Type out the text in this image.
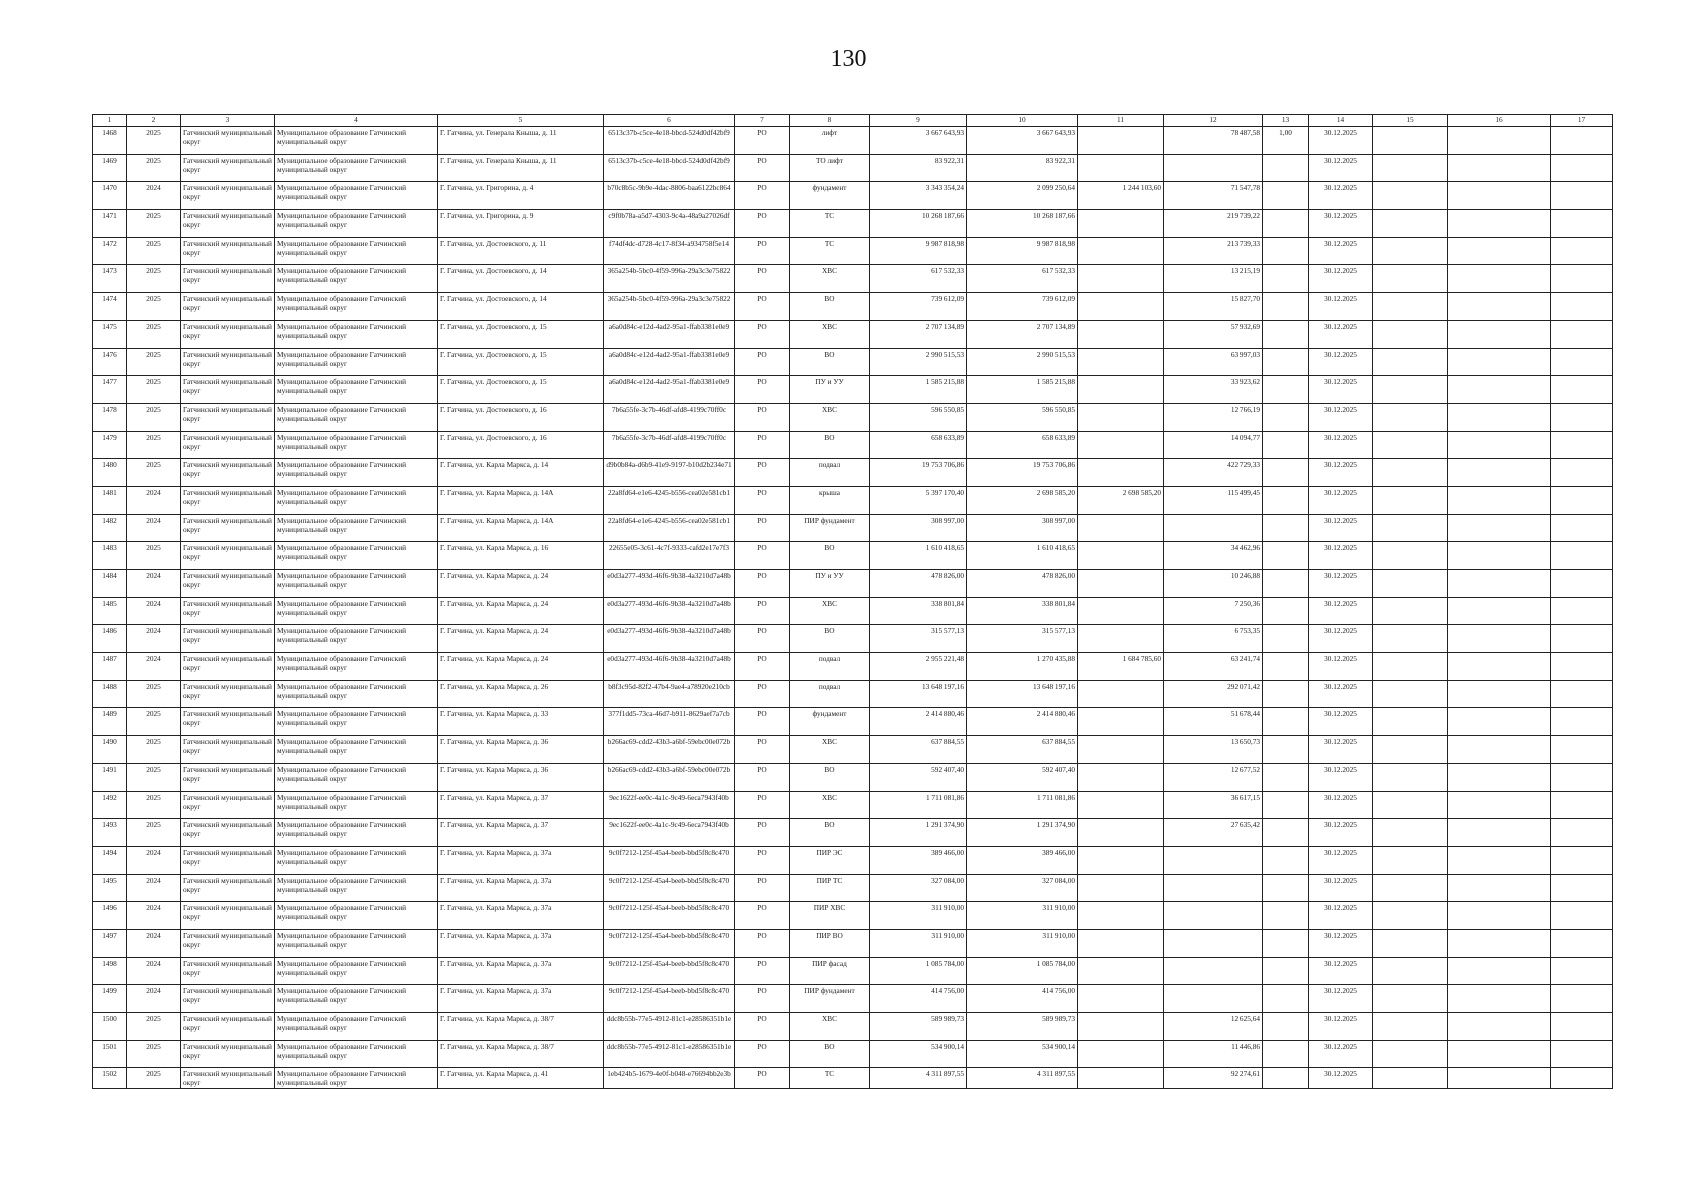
130
1	2	3	4	5	6	7	8	9	10	11	12	13	14	15	16	17
1468	2025	Гатчинский муниципальный округ	Муниципальное образование Гатчинский муниципальный округ	Г. Гатчина, ул. Генерала Кныша, д. 11	6513c37b-c5ce-4e18-bbcd-524d0df42bf9	РО	лифт	3 667 643,93	3 667 643,93		78 487,58	1,00	30.12.2025			
1469	2025	Гатчинский муниципальный округ	Муниципальное образование Гатчинский муниципальный округ	Г. Гатчина, ул. Генерала Кныша, д. 11	6513c37b-c5ce-4e18-bbcd-524d0df42bf9	РО	ТО лифт	83 922,31	83 922,31				30.12.2025			
1470	2024	Гатчинский муниципальный округ	Муниципальное образование Гатчинский муниципальный округ	Г. Гатчина, ул. Григорина, д. 4	b70c8b5c-9b9e-4dac-8806-baa6122bc864	РО	фундамент	3 343 354,24	2 099 250,64	1 244 103,60	71 547,78		30.12.2025			
1471	2025	Гатчинский муниципальный округ	Муниципальное образование Гатчинский муниципальный округ	Г. Гатчина, ул. Григорина, д. 9	c9f0b78a-a5d7-4303-9c4a-48a9a27026df	РО	ТС	10 268 187,66	10 268 187,66		219 739,22		30.12.2025			
1472	2025	Гатчинский муниципальный округ	Муниципальное образование Гатчинский муниципальный округ	Г. Гатчина, ул. Достоевского, д. 11	f74df4dc-d728-4c17-8f34-a934758f5e14	РО	ТС	9 987 818,98	9 987 818,98		213 739,33		30.12.2025			
1473	2025	Гатчинский муниципальный округ	Муниципальное образование Гатчинский муниципальный округ	Г. Гатчина, ул. Достоевского, д. 14	365a254b-5bc0-4f59-996a-29a3c3e75822	РО	ХВС	617 532,33	617 532,33		13 215,19		30.12.2025			
1474	2025	Гатчинский муниципальный округ	Муниципальное образование Гатчинский муниципальный округ	Г. Гатчина, ул. Достоевского, д. 14	365a254b-5bc0-4f59-996a-29a3c3e75822	РО	ВО	739 612,09	739 612,09		15 827,70		30.12.2025			
1475	2025	Гатчинский муниципальный округ	Муниципальное образование Гатчинский муниципальный округ	Г. Гатчина, ул. Достоевского, д. 15	a6a0d84c-e12d-4ad2-95a1-ffab3381e0e9	РО	ХВС	2 707 134,89	2 707 134,89		57 932,69		30.12.2025			
1476	2025	Гатчинский муниципальный округ	Муниципальное образование Гатчинский муниципальный округ	Г. Гатчина, ул. Достоевского, д. 15	a6a0d84c-e12d-4ad2-95a1-ffab3381e0e9	РО	ВО	2 990 515,53	2 990 515,53		63 997,03		30.12.2025			
1477	2025	Гатчинский муниципальный округ	Муниципальное образование Гатчинский муниципальный округ	Г. Гатчина, ул. Достоевского, д. 15	a6a0d84c-e12d-4ad2-95a1-ffab3381e0e9	РО	ПУ и УУ	1 585 215,88	1 585 215,88		33 923,62		30.12.2025			
1478	2025	Гатчинский муниципальный округ	Муниципальное образование Гатчинский муниципальный округ	Г. Гатчина, ул. Достоевского, д. 16	7b6a55fe-3c7b-46df-afd8-4199c70ff0c	РО	ХВС	596 550,85	596 550,85		12 766,19		30.12.2025			
1479	2025	Гатчинский муниципальный округ	Муниципальное образование Гатчинский муниципальный округ	Г. Гатчина, ул. Достоевского, д. 16	7b6a55fe-3c7b-46df-afd8-4199c70ff0c	РО	ВО	658 633,89	658 633,89		14 094,77		30.12.2025			
1480	2025	Гатчинский муниципальный округ	Муниципальное образование Гатчинский муниципальный округ	Г. Гатчина, ул. Карла Маркса, д. 14	d9b0b84a-d6b9-41e9-9197-b10d2b234e71	РО	подвал	19 753 706,86	19 753 706,86		422 729,33		30.12.2025			
1481	2024	Гатчинский муниципальный округ	Муниципальное образование Гатчинский муниципальный округ	Г. Гатчина, ул. Карла Маркса, д. 14А	22a8fd64-e1e6-4245-b556-cea02e581cb1	РО	крыша	5 397 170,40	2 698 585,20	2 698 585,20	115 499,45		30.12.2025			
1482	2024	Гатчинский муниципальный округ	Муниципальное образование Гатчинский муниципальный округ	Г. Гатчина, ул. Карла Маркса, д. 14А	22a8fd64-e1e6-4245-b556-cea02e581cb1	РО	ПИР фундамент	308 997,00	308 997,00				30.12.2025			
1483	2025	Гатчинский муниципальный округ	Муниципальное образование Гатчинский муниципальный округ	Г. Гатчина, ул. Карла Маркса, д. 16	22655e05-3c61-4c7f-9333-cafd2e17e7f3	РО	ВО	1 610 418,65	1 610 418,65		34 462,96		30.12.2025			
1484	2024	Гатчинский муниципальный округ	Муниципальное образование Гатчинский муниципальный округ	Г. Гатчина, ул. Карла Маркса, д. 24	e0d3a277-493d-46f6-9b38-4a3210d7a48b	РО	ПУ и УУ	478 826,00	478 826,00		10 246,88		30.12.2025			
1485	2024	Гатчинский муниципальный округ	Муниципальное образование Гатчинский муниципальный округ	Г. Гатчина, ул. Карла Маркса, д. 24	e0d3a277-493d-46f6-9b38-4a3210d7a48b	РО	ХВС	338 801,84	338 801,84		7 250,36		30.12.2025			
1486	2024	Гатчинский муниципальный округ	Муниципальное образование Гатчинский муниципальный округ	Г. Гатчина, ул. Карла Маркса, д. 24	e0d3a277-493d-46f6-9b38-4a3210d7a48b	РО	ВО	315 577,13	315 577,13		6 753,35		30.12.2025			
1487	2024	Гатчинский муниципальный округ	Муниципальное образование Гатчинский муниципальный округ	Г. Гатчина, ул. Карла Маркса, д. 24	e0d3a277-493d-46f6-9b38-4a3210d7a48b	РО	подвал	2 955 221,48	1 270 435,88	1 684 785,60	63 241,74		30.12.2025			
1488	2025	Гатчинский муниципальный округ	Муниципальное образование Гатчинский муниципальный округ	Г. Гатчина, ул. Карла Маркса, д. 26	b8f3c95d-82f2-47b4-9ae4-a78920e210cb	РО	подвал	13 648 197,16	13 648 197,16		292 071,42		30.12.2025			
1489	2025	Гатчинский муниципальный округ	Муниципальное образование Гатчинский муниципальный округ	Г. Гатчина, ул. Карла Маркса, д. 33	377f1dd5-73ca-46d7-b911-8629aef7a7cb	РО	фундамент	2 414 880,46	2 414 880,46		51 678,44		30.12.2025			
1490	2025	Гатчинский муниципальный округ	Муниципальное образование Гатчинский муниципальный округ	Г. Гатчина, ул. Карла Маркса, д. 36	b266ac69-cdd2-43b3-a6bf-59ebc00e072b	РО	ХВС	637 884,55	637 884,55		13 650,73		30.12.2025			
1491	2025	Гатчинский муниципальный округ	Муниципальное образование Гатчинский муниципальный округ	Г. Гатчина, ул. Карла Маркса, д. 36	b266ac69-cdd2-43b3-a6bf-59ebc00e072b	РО	ВО	592 407,40	592 407,40		12 677,52		30.12.2025			
1492	2025	Гатчинский муниципальный округ	Муниципальное образование Гатчинский муниципальный округ	Г. Гатчина, ул. Карла Маркса, д. 37	9ec1622f-ee0c-4a1c-9c49-6eca7943f40b	РО	ХВС	1 711 081,86	1 711 081,86		36 617,15		30.12.2025			
1493	2025	Гатчинский муниципальный округ	Муниципальное образование Гатчинский муниципальный округ	Г. Гатчина, ул. Карла Маркса, д. 37	9ec1622f-ee0c-4a1c-9c49-6eca7943f40b	РО	ВО	1 291 374,90	1 291 374,90		27 635,42		30.12.2025			
1494	2024	Гатчинский муниципальный округ	Муниципальное образование Гатчинский муниципальный округ	Г. Гатчина, ул. Карла Маркса, д. 37а	9c0f7212-125f-45a4-beeb-bbd5f8c8c470	РО	ПИР ЭС	389 466,00	389 466,00				30.12.2025			
1495	2024	Гатчинский муниципальный округ	Муниципальное образование Гатчинский муниципальный округ	Г. Гатчина, ул. Карла Маркса, д. 37а	9c0f7212-125f-45a4-beeb-bbd5f8c8c470	РО	ПИР ТС	327 084,00	327 084,00				30.12.2025			
1496	2024	Гатчинский муниципальный округ	Муниципальное образование Гатчинский муниципальный округ	Г. Гатчина, ул. Карла Маркса, д. 37а	9c0f7212-125f-45a4-beeb-bbd5f8c8c470	РО	ПИР ХВС	311 910,00	311 910,00				30.12.2025			
1497	2024	Гатчинский муниципальный округ	Муниципальное образование Гатчинский муниципальный округ	Г. Гатчина, ул. Карла Маркса, д. 37а	9c0f7212-125f-45a4-beeb-bbd5f8c8c470	РО	ПИР ВО	311 910,00	311 910,00				30.12.2025			
1498	2024	Гатчинский муниципальный округ	Муниципальное образование Гатчинский муниципальный округ	Г. Гатчина, ул. Карла Маркса, д. 37а	9c0f7212-125f-45a4-beeb-bbd5f8c8c470	РО	ПИР фасад	1 085 784,00	1 085 784,00				30.12.2025			
1499	2024	Гатчинский муниципальный округ	Муниципальное образование Гатчинский муниципальный округ	Г. Гатчина, ул. Карла Маркса, д. 37а	9c0f7212-125f-45a4-beeb-bbd5f8c8c470	РО	ПИР фундамент	414 756,00	414 756,00				30.12.2025			
1500	2025	Гатчинский муниципальный округ	Муниципальное образование Гатчинский муниципальный округ	Г. Гатчина, ул. Карла Маркса, д. 38/7	ddc8b55b-77e5-4912-81c1-e28586351b1e	РО	ХВС	589 989,73	589 989,73		12 625,64		30.12.2025			
1501	2025	Гатчинский муниципальный округ	Муниципальное образование Гатчинский муниципальный округ	Г. Гатчина, ул. Карла Маркса, д. 38/7	ddc8b55b-77e5-4912-81c1-e28586351b1e	РО	ВО	534 900,14	534 900,14		11 446,86		30.12.2025			
1502	2025	Гатчинский муниципальный округ	Муниципальное образование Гатчинский муниципальный округ	Г. Гатчина, ул. Карла Маркса, д. 41	1eb424b5-1679-4e0f-b048-e76694bb2e3b	РО	ТС	4 311 897,55	4 311 897,55		92 274,61		30.12.2025			
